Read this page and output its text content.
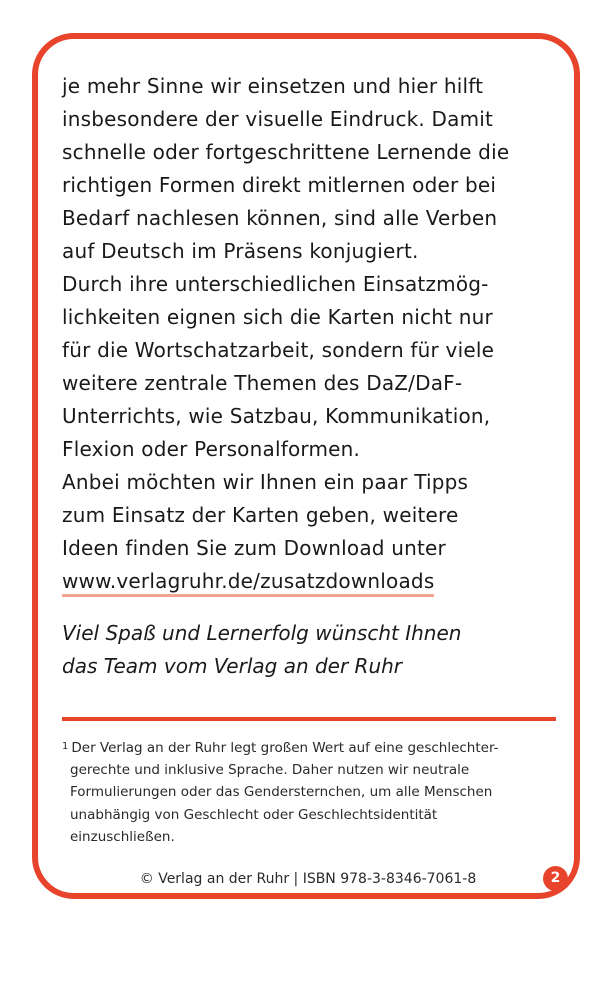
je mehr Sinne wir einsetzen und hier hilft
insbesondere der visuelle Eindruck. Damit
schnelle oder fortgeschrittene Lernende die
richtigen Formen direkt mitlernen oder bei
Bedarf nachlesen können, sind alle Verben
auf Deutsch im Präsens konjugiert.
Durch ihre unterschiedlichen Einsatzmög-
lichkeiten eignen sich die Karten nicht nur
für die Wortschatzarbeit, sondern für viele
weitere zentrale Themen des DaZ/DaF-
Unterrichts, wie Satzbau, Kommunikation,
Flexion oder Personalformen.
Anbei möchten wir Ihnen ein paar Tipps
zum Einsatz der Karten geben, weitere
Ideen finden Sie zum Download unter
www.verlagruhr.de/zusatzdownloads
Viel Spaß und Lernerfolg wünscht Ihnen
das Team vom Verlag an der Ruhr
$^1$ Der Verlag an der Ruhr legt großen Wert auf eine geschlechter-
gerechte und inklusive Sprache. Daher nutzen wir neutrale
Formulierungen oder das Gendersternchen, um alle Menschen
unabhängig von Geschlecht oder Geschlechtsidentität
einzuschließen.
© Verlag an der Ruhr | ISBN 978-3-8346-7061-8	2
